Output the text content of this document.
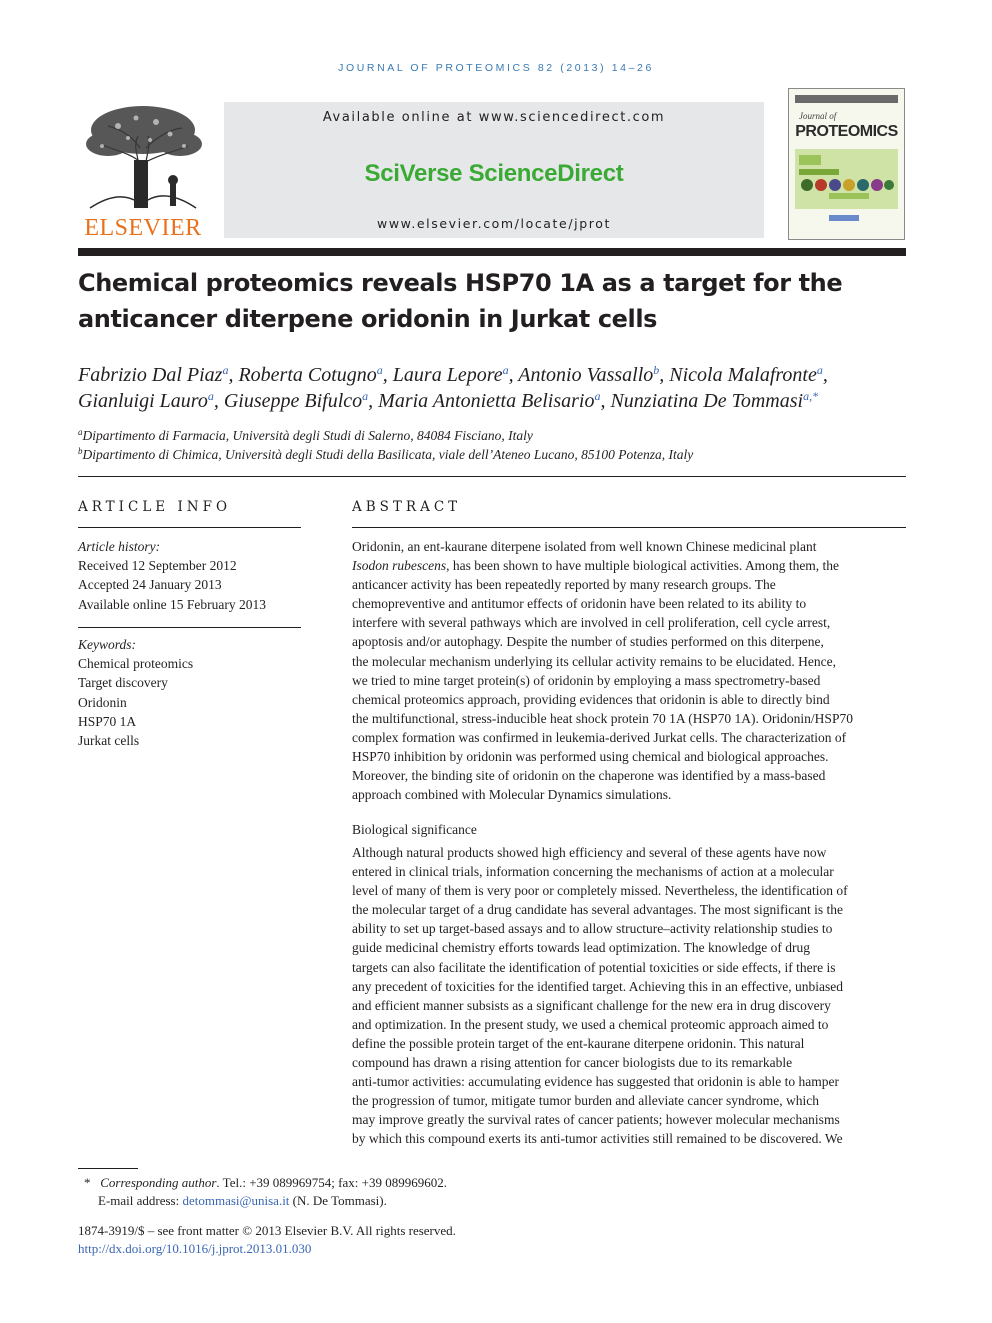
JOURNAL OF PROTEOMICS 82 (2013) 14–26
ELSEVIER
Available online at www.sciencedirect.com
SciVerse ScienceDirect
www.elsevier.com/locate/jprot
Journal of
PROTEOMICS
Chemical proteomics reveals HSP70 1A as a target for the
anticancer diterpene oridonin in Jurkat cells
Fabrizio Dal Piaz$^a$, Roberta Cotugno$^a$, Laura Lepore$^a$, Antonio Vassallo$^b$, Nicola Malafronte$^a$,
Gianluigi Lauro$^a$, Giuseppe Bifulco$^a$, Maria Antonietta Belisario$^a$, Nunziatina De Tommasi$^{a,*}$
$^a$Dipartimento di Farmacia, Università degli Studi di Salerno, 84084 Fisciano, Italy
$^b$Dipartimento di Chimica, Università degli Studi della Basilicata, viale dell’Ateneo Lucano, 85100 Potenza, Italy
ARTICLE INFO
Article history:
Received 12 September 2012
Accepted 24 January 2013
Available online 15 February 2013
Keywords:
Chemical proteomics
Target discovery
Oridonin
HSP70 1A
Jurkat cells
ABSTRACT
Oridonin, an ent-kaurane diterpene isolated from well known Chinese medicinal plant
Isodon rubescens, has been shown to have multiple biological activities. Among them, the
anticancer activity has been repeatedly reported by many research groups. The
chemopreventive and antitumor effects of oridonin have been related to its ability to
interfere with several pathways which are involved in cell proliferation, cell cycle arrest,
apoptosis and/or autophagy. Despite the number of studies performed on this diterpene,
the molecular mechanism underlying its cellular activity remains to be elucidated. Hence,
we tried to mine target protein(s) of oridonin by employing a mass spectrometry-based
chemical proteomics approach, providing evidences that oridonin is able to directly bind
the multifunctional, stress-inducible heat shock protein 70 1A (HSP70 1A). Oridonin/HSP70
complex formation was confirmed in leukemia-derived Jurkat cells. The characterization of
HSP70 inhibition by oridonin was performed using chemical and biological approaches.
Moreover, the binding site of oridonin on the chaperone was identified by a mass-based
approach combined with Molecular Dynamics simulations.
Biological significance
Although natural products showed high efficiency and several of these agents have now
entered in clinical trials, information concerning the mechanisms of action at a molecular
level of many of them is very poor or completely missed. Nevertheless, the identification of
the molecular target of a drug candidate has several advantages. The most significant is the
ability to set up target-based assays and to allow structure–activity relationship studies to
guide medicinal chemistry efforts towards lead optimization. The knowledge of drug
targets can also facilitate the identification of potential toxicities or side effects, if there is
any precedent of toxicities for the identified target. Achieving this in an effective, unbiased
and efficient manner subsists as a significant challenge for the new era in drug discovery
and optimization. In the present study, we used a chemical proteomic approach aimed to
define the possible protein target of the ent-kaurane diterpene oridonin. This natural
compound has drawn a rising attention for cancer biologists due to its remarkable
anti-tumor activities: accumulating evidence has suggested that oridonin is able to hamper
the progression of tumor, mitigate tumor burden and alleviate cancer syndrome, which
may improve greatly the survival rates of cancer patients; however molecular mechanisms
by which this compound exerts its anti-tumor activities still remained to be discovered. We
* Corresponding author. Tel.: +39 089969754; fax: +39 089969602.
E-mail address: detommasi@unisa.it (N. De Tommasi).
1874-3919/$ – see front matter © 2013 Elsevier B.V. All rights reserved.
http://dx.doi.org/10.1016/j.jprot.2013.01.030
